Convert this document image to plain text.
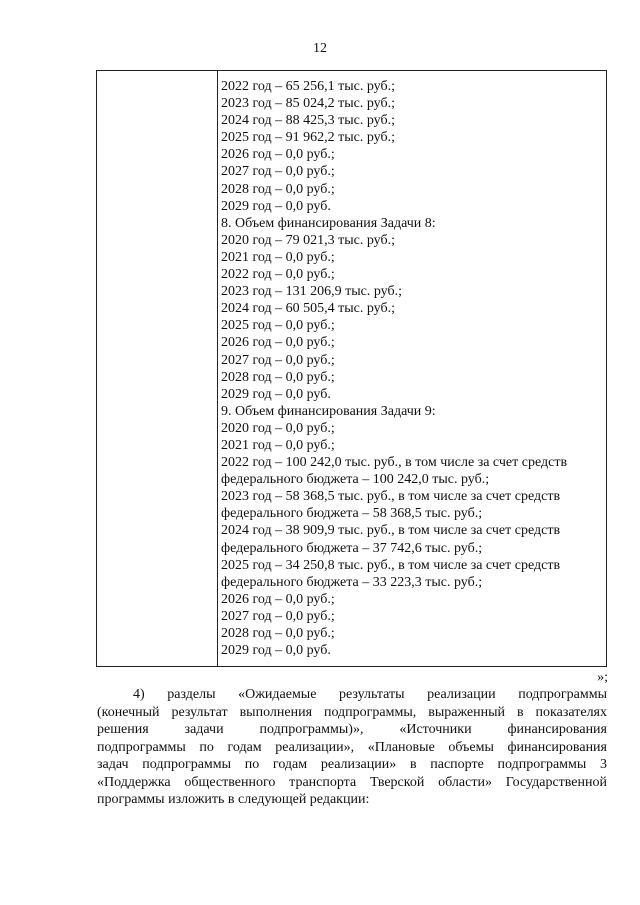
12
2022 год – 65 256,1 тыс. руб.;
2023 год – 85 024,2 тыс. руб.;
2024 год – 88 425,3 тыс. руб.;
2025 год – 91 962,2 тыс. руб.;
2026 год – 0,0 руб.;
2027 год – 0,0 руб.;
2028 год – 0,0 руб.;
2029 год – 0,0 руб.
8. Объем финансирования Задачи 8:
2020 год – 79 021,3 тыс. руб.;
2021 год – 0,0 руб.;
2022 год – 0,0 руб.;
2023 год – 131 206,9 тыс. руб.;
2024 год – 60 505,4 тыс. руб.;
2025 год – 0,0 руб.;
2026 год – 0,0 руб.;
2027 год – 0,0 руб.;
2028 год – 0,0 руб.;
2029 год – 0,0 руб.
9. Объем финансирования Задачи 9:
2020 год – 0,0 руб.;
2021 год – 0,0 руб.;
2022 год – 100 242,0 тыс. руб., в том числе за счет средств
федерального бюджета – 100 242,0 тыс. руб.;
2023 год – 58 368,5 тыс. руб., в том числе за счет средств
федерального бюджета – 58 368,5 тыс. руб.;
2024 год – 38 909,9 тыс. руб., в том числе за счет средств
федерального бюджета – 37 742,6 тыс. руб.;
2025 год – 34 250,8 тыс. руб., в том числе за счет средств
федерального бюджета – 33 223,3 тыс. руб.;
2026 год – 0,0 руб.;
2027 год – 0,0 руб.;
2028 год – 0,0 руб.;
2029 год – 0,0 руб.
»;
4) разделы «Ожидаемые результаты реализации подпрограммы
(конечный результат выполнения подпрограммы, выраженный в показателях
решения задачи подпрограммы)», «Источники финансирования
подпрограммы по годам реализации», «Плановые объемы финансирования
задач подпрограммы по годам реализации» в паспорте подпрограммы 3
«Поддержка общественного транспорта Тверской области» Государственной
программы изложить в следующей редакции:
